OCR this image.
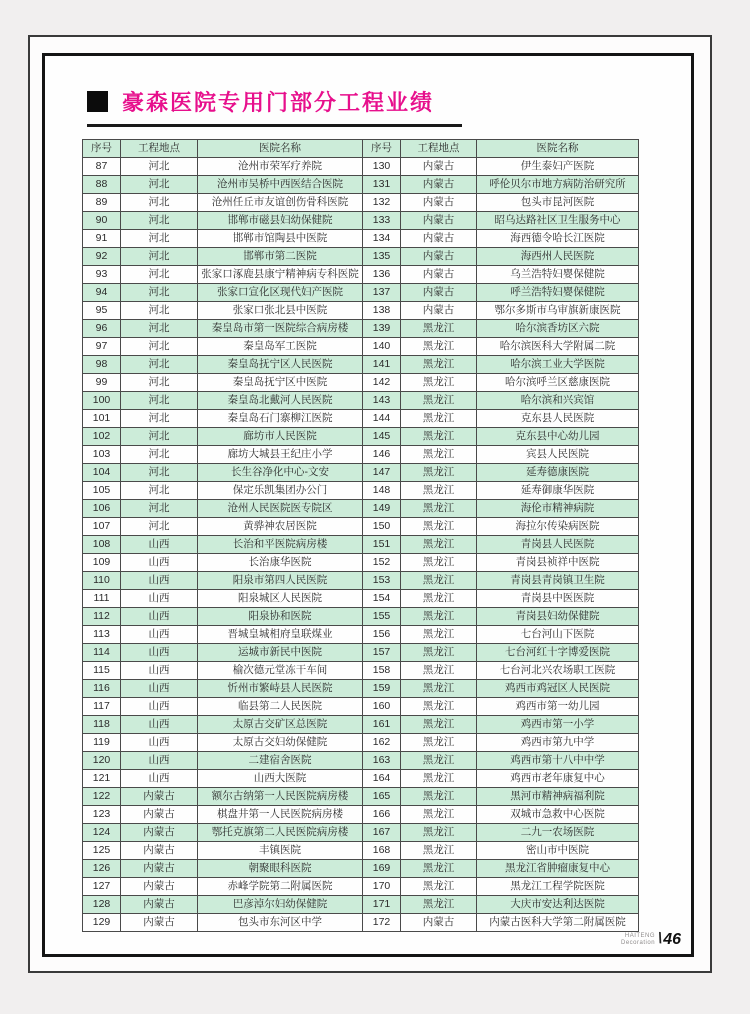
豪森医院专用门部分工程业绩
序号	工程地点	医院名称	序号	工程地点	医院名称
87	河北	沧州市荣军疗养院	130	内蒙古	伊生泰妇产医院
88	河北	沧州市吴桥中西医结合医院	131	内蒙古	呼伦贝尔市地方病防治研究所
89	河北	沧州任丘市友谊创伤骨科医院	132	内蒙古	包头市昆河医院
90	河北	邯郸市磁县妇幼保健院	133	内蒙古	昭乌达路社区卫生服务中心
91	河北	邯郸市馆陶县中医院	134	内蒙古	海西德令哈长江医院
92	河北	邯郸市第二医院	135	内蒙古	海西州人民医院
93	河北	张家口涿鹿县康宁精神病专科医院	136	内蒙古	乌兰浩特妇婴保健院
94	河北	张家口宣化区现代妇产医院	137	内蒙古	呼兰浩特妇婴保健院
95	河北	张家口张北县中医院	138	内蒙古	鄂尔多斯市乌审旗新康医院
96	河北	秦皇岛市第一医院综合病房楼	139	黑龙江	哈尔滨香坊区六院
97	河北	秦皇岛军工医院	140	黑龙江	哈尔滨医科大学附属二院
98	河北	秦皇岛抚宁区人民医院	141	黑龙江	哈尔滨工业大学医院
99	河北	秦皇岛抚宁区中医院	142	黑龙江	哈尔滨呼兰区慈康医院
100	河北	秦皇岛北戴河人民医院	143	黑龙江	哈尔滨和兴宾馆
101	河北	秦皇岛石门寨柳江医院	144	黑龙江	克东县人民医院
102	河北	廊坊市人民医院	145	黑龙江	克东县中心幼儿园
103	河北	廊坊大城县王纪庄小学	146	黑龙江	宾县人民医院
104	河北	长生谷净化中心-文安	147	黑龙江	延寿德康医院
105	河北	保定乐凯集团办公门	148	黑龙江	延寿御康华医院
106	河北	沧州人民医院医专院区	149	黑龙江	海伦市精神病院
107	河北	黄骅神农居医院	150	黑龙江	海拉尔传染病医院
108	山西	长治和平医院病房楼	151	黑龙江	青岗县人民医院
109	山西	长治康华医院	152	黑龙江	青岗县祯祥中医院
110	山西	阳泉市第四人民医院	153	黑龙江	青岗县青岗镇卫生院
111	山西	阳泉城区人民医院	154	黑龙江	青岗县中医医院
112	山西	阳泉协和医院	155	黑龙江	青岗县妇幼保健院
113	山西	晋城皇城相府皇联煤业	156	黑龙江	七台河山下医院
114	山西	运城市新民中医院	157	黑龙江	七台河红十字博爱医院
115	山西	榆次德元堂冻干车间	158	黑龙江	七台河北兴农场职工医院
116	山西	忻州市繁峙县人民医院	159	黑龙江	鸡西市鸡冠区人民医院
117	山西	临县第二人民医院	160	黑龙江	鸡西市第一幼儿园
118	山西	太原古交矿区总医院	161	黑龙江	鸡西市第一小学
119	山西	太原古交妇幼保健院	162	黑龙江	鸡西市第九中学
120	山西	二建宿舍医院	163	黑龙江	鸡西市第十八中中学
121	山西	山西大医院	164	黑龙江	鸡西市老年康复中心
122	内蒙古	额尔古纳第一人民医院病房楼	165	黑龙江	黑河市精神病福利院
123	内蒙古	棋盘井第一人民医院病房楼	166	黑龙江	双城市急救中心医院
124	内蒙古	鄂托克旗第二人民医院病房楼	167	黑龙江	二九一农场医院
125	内蒙古	丰镇医院	168	黑龙江	密山市中医院
126	内蒙古	朝聚眼科医院	169	黑龙江	黑龙江省肿瘤康复中心
127	内蒙古	赤峰学院第二附属医院	170	黑龙江	黑龙江工程学院医院
128	内蒙古	巴彦淖尔妇幼保健院	171	黑龙江	大庆市安达利达医院
129	内蒙古	包头市东河区中学	172	内蒙古	内蒙古医科大学第二附属医院
HAITENG
Decoration \ 46
